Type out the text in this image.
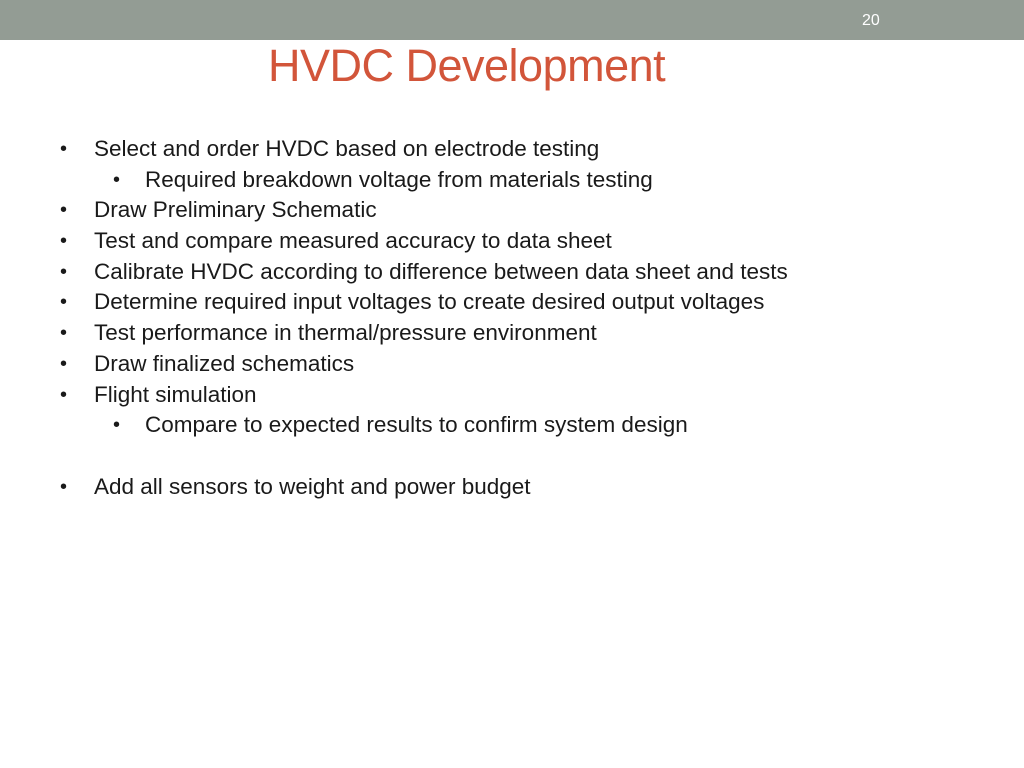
20
HVDC Development
• Select and order HVDC based on electrode testing
• Required breakdown voltage from materials testing
• Draw Preliminary Schematic
• Test and compare measured accuracy to data sheet
• Calibrate HVDC according to difference between data sheet and tests
• Determine required input voltages to create desired output voltages
• Test performance in thermal/pressure environment
• Draw finalized schematics
• Flight simulation
• Compare to expected results to confirm system design
• Add all sensors to weight and power budget
